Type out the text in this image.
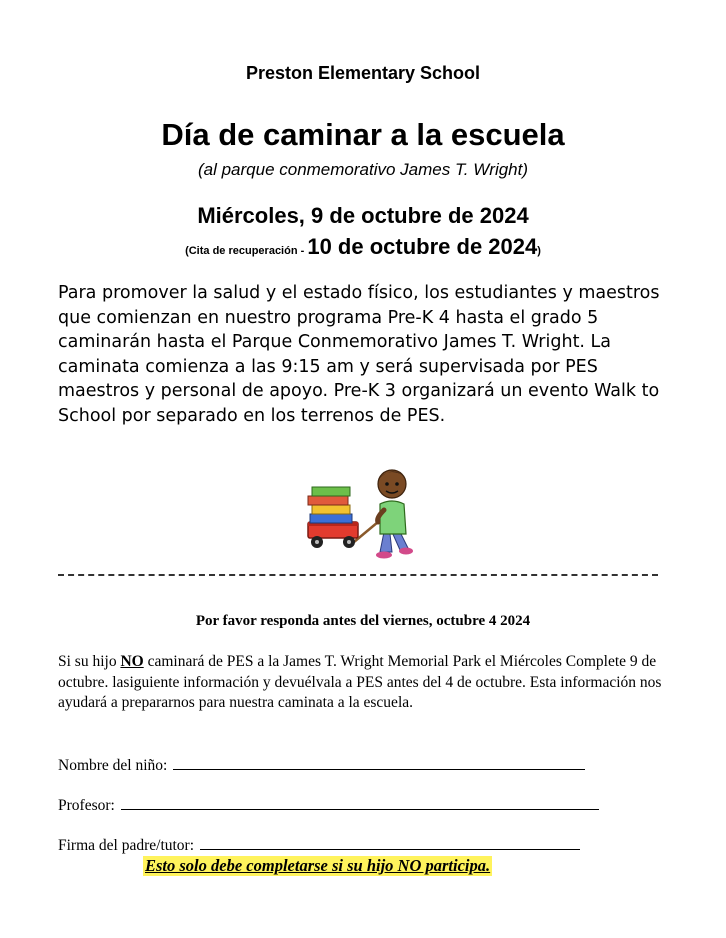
Preston Elementary School
Día de caminar a la escuela
(al parque conmemorativo James T. Wright)
Miércoles, 9 de octubre de 2024
(Cita de recuperación - 10 de octubre de 2024)
Para promover la salud y el estado físico, los estudiantes y maestros que comienzan en nuestro programa Pre-K 4 hasta el grado 5 caminarán hasta el Parque Conmemorativo James T. Wright. La caminata comienza a las 9:15 am y será supervisada por PES maestros y personal de apoyo. Pre-K 3 organizará un evento Walk to School por separado en los terrenos de PES.
Por favor responda antes del viernes, octubre 4 2024
Si su hijo NO caminará de PES a la James T. Wright Memorial Park el Miércoles Complete 9 de octubre. lasiguiente información y devuélvala a PES antes del 4 de octubre. Esta información nos ayudará a prepararnos para nuestra caminata a la escuela.
Nombre del niño:
Profesor:
Firma del padre/tutor:
Esto solo debe completarse si su hijo NO participa.
